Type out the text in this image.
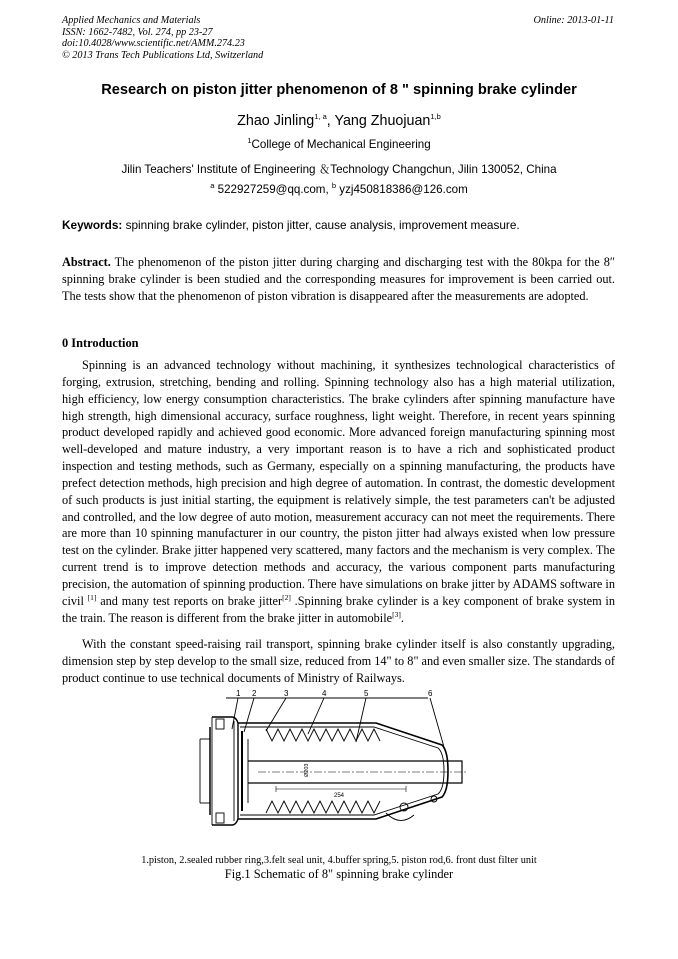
Applied Mechanics and Materials
ISSN: 1662-7482, Vol. 274, pp 23-27
doi:10.4028/www.scientific.net/AMM.274.23
© 2013 Trans Tech Publications Ltd, Switzerland
Online: 2013-01-11
Research on piston jitter phenomenon of 8 " spinning brake cylinder
Zhao Jinling$^{1, a}$, Yang Zhuojuan$^{1,b}$
$^1$College of Mechanical Engineering
Jilin Teachers' Institute of Engineering ＆Technology Changchun, Jilin 130052, China
$^a$ 522927259@qq.com, $^b$ yzj450818386@126.com
Keywords: spinning brake cylinder, piston jitter, cause analysis, improvement measure.
Abstract. The phenomenon of the piston jitter during charging and discharging test with the 80kpa for the 8″ spinning brake cylinder is been studied and the corresponding measures for improvement is been carried out. The tests show that the phenomenon of piston vibration is disappeared after the measurements are adopted.
0 Introduction
Spinning is an advanced technology without machining, it synthesizes technological characteristics of forging, extrusion, stretching, bending and rolling. Spinning technology also has a high material utilization, high efficiency, low energy consumption characteristics. The brake cylinders after spinning manufacture have high strength, high dimensional accuracy, surface roughness, light weight. Therefore, in recent years spinning product developed rapidly and achieved good economic. More advanced foreign manufacturing spinning most well-developed and mature industry, a very important reason is to have a rich and sophisticated product inspection and testing methods, such as Germany, especially on a spinning manufacturing, the products have prefect detection methods, high precision and high degree of automation. In contrast, the domestic development of such products is just initial starting, the equipment is relatively simple, the test parameters can't be adjusted and controlled, and the low degree of auto motion, measurement accuracy can not meet the requirements. There are more than 10 spinning manufacturer in our country, the piston jitter had always existed when low pressure test on the cylinder. Brake jitter happened very scattered, many factors and the mechanism is very complex. The current trend is to improve detection methods and accuracy, the various component parts manufacturing precision, the automation of spinning production. There have simulations on brake jitter by ADAMS software in civil [1] and many test reports on brake jitter[2] .Spinning brake cylinder is a key component of brake system in the train. The reason is different from the brake jitter in automobile[3].
With the constant speed-raising rail transport, spinning brake cylinder itself is also constantly upgrading, dimension step by step develop to the small size, reduced from 14" to 8" and even smaller size. The standards of product continue to use technical documents of Ministry of Railways.
1 2	3	4	5	6
254
Ø203
1.piston, 2.sealed rubber ring,3.felt seal unit, 4.buffer spring,5. piston rod,6. front dust filter unit
Fig.1 Schematic of 8" spinning brake cylinder
